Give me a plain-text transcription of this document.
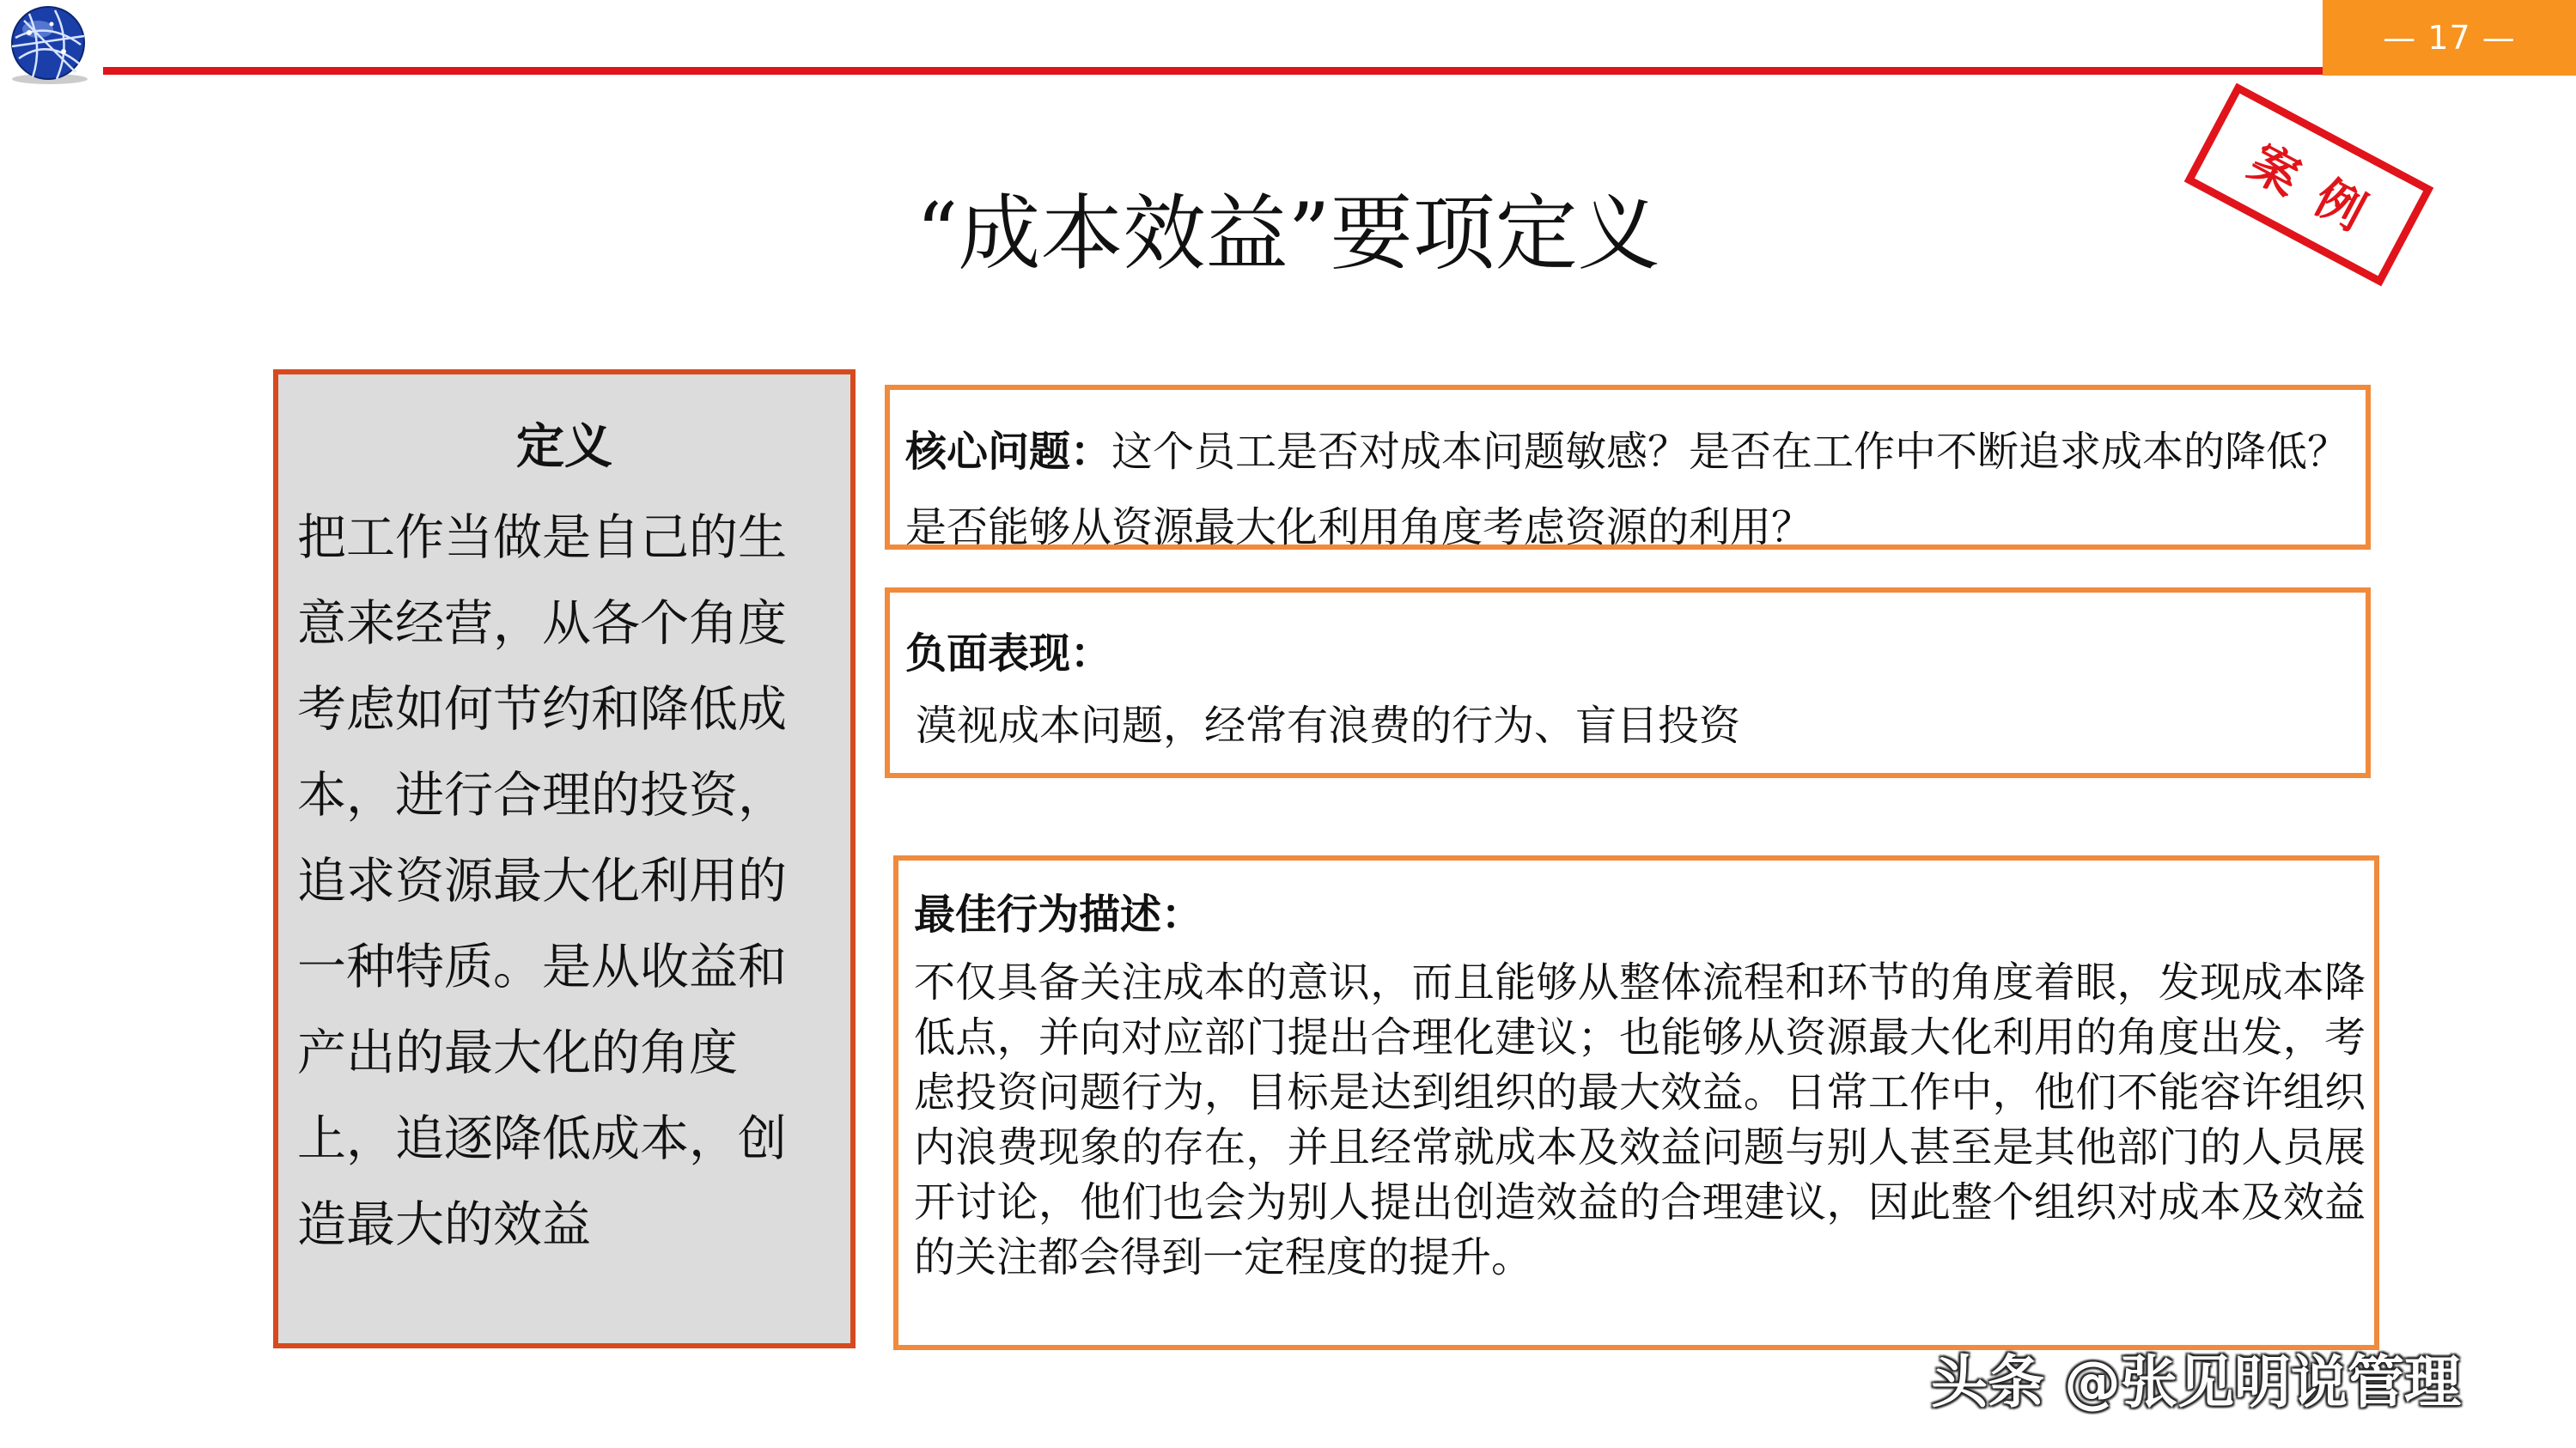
— 17 —
“成本效益”要项定义	案例
定义
把工作当做是自己的生意来经营，从各个角度考虑如何节约和降低成本，进行合理的投资，追求资源最大化利用的一种特质。是从收益和产出的最大化的角度上，追逐降低成本，创造最大的效益
核心问题：这个员工是否对成本问题敏感？是否在工作中不断追求成本的降低？是否能够从资源最大化利用角度考虑资源的利用？
负面表现：
漠视成本问题，经常有浪费的行为、盲目投资
最佳行为描述：
不仅具备关注成本的意识，而且能够从整体流程和环节的角度着眼，发现成本降低点，并向对应部门提出合理化建议；也能够从资源最大化利用的角度出发，考虑投资问题行为，目标是达到组织的最大效益。日常工作中，他们不能容许组织内浪费现象的存在，并且经常就成本及效益问题与别人甚至是其他部门的人员展开讨论，他们也会为别人提出创造效益的合理建议，因此整个组织对成本及效益的关注都会得到一定程度的提升。
头条 @张见明说管理
